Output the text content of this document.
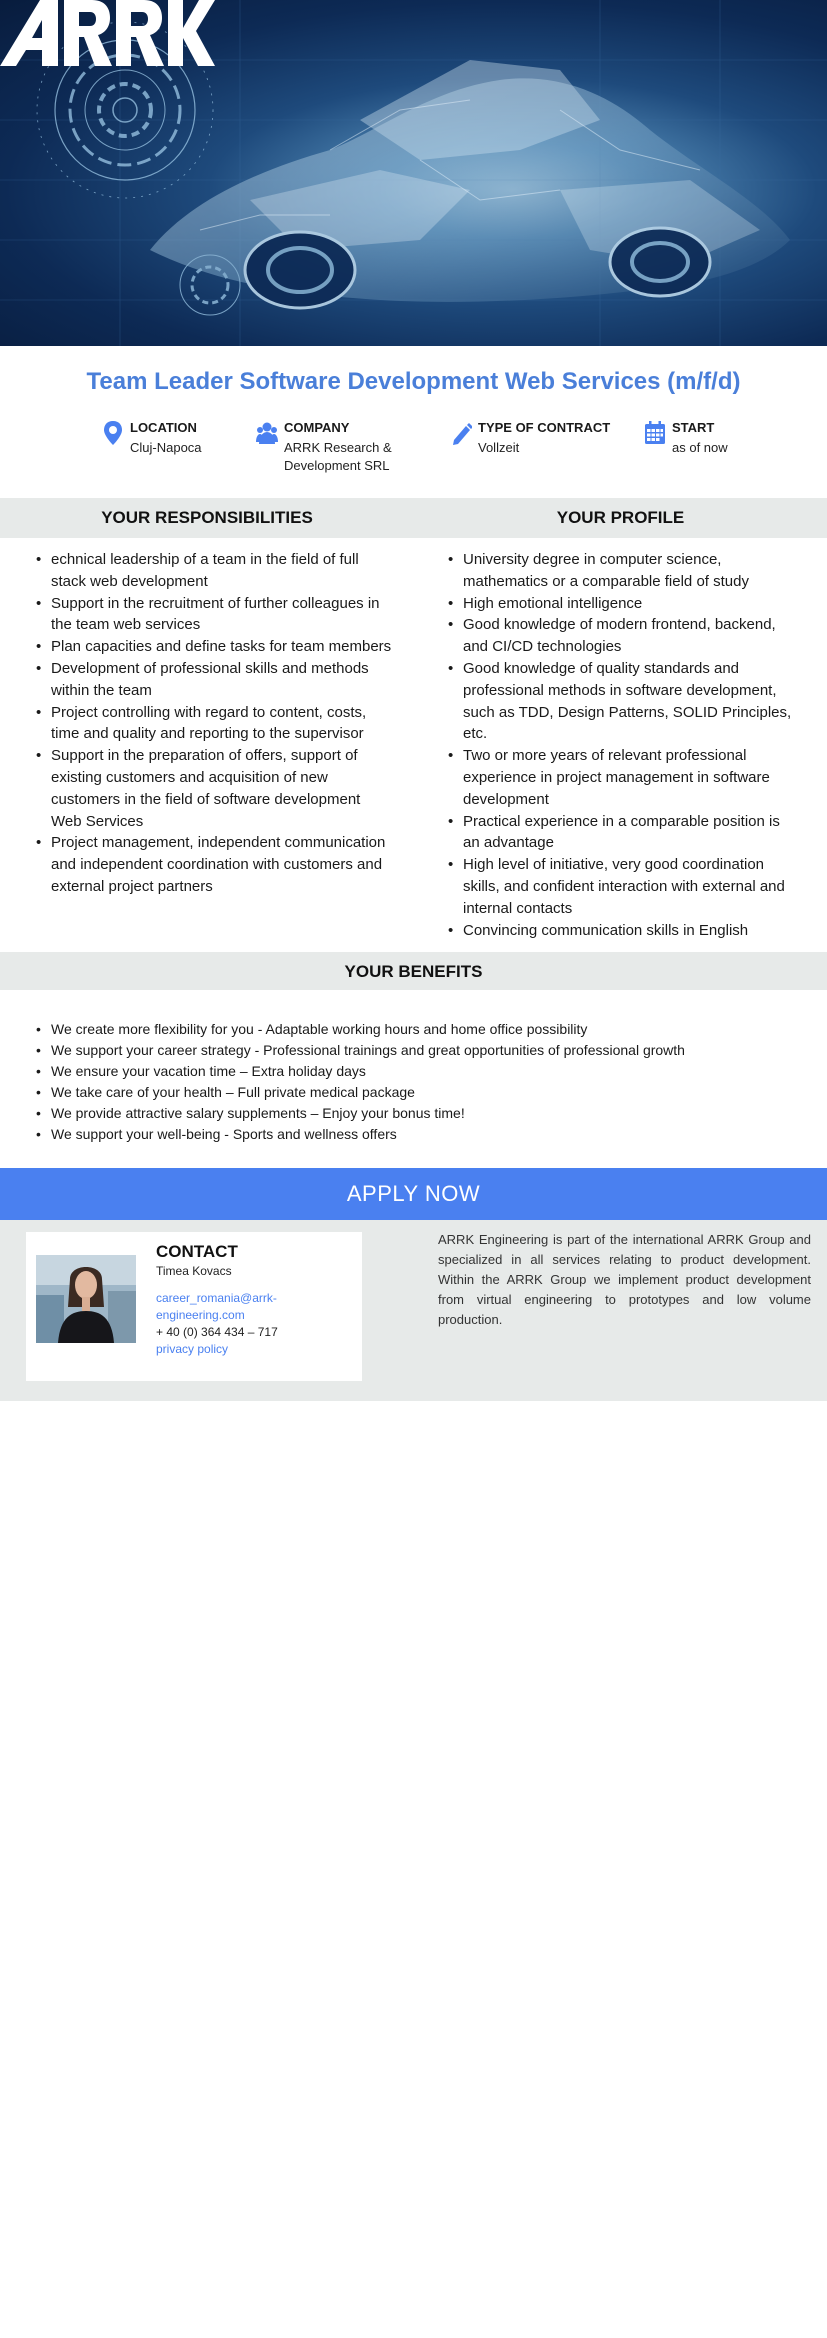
Team Leader Software Development Web Services (m/f/d)
LOCATION
Cluj-Napoca
COMPANY
ARRK Research &
Development SRL
TYPE OF CONTRACT
Vollzeit
START
as of now
YOUR RESPONSIBILITIES	YOUR PROFILE
• echnical leadership of a team in the field of full
stack web development
• Support in the recruitment of further colleagues in
the team web services
• Plan capacities and define tasks for team members
• Development of professional skills and methods
within the team
• Project controlling with regard to content, costs,
time and quality and reporting to the supervisor
• Support in the preparation of offers, support of
existing customers and acquisition of new
customers in the field of software development
Web Services
• Project management, independent communication
and independent coordination with customers and
external project partners
• University degree in computer science,
mathematics or a comparable field of study
• High emotional intelligence
• Good knowledge of modern frontend, backend,
and CI/CD technologies
• Good knowledge of quality standards and
professional methods in software development,
such as TDD, Design Patterns, SOLID Principles,
etc.
• Two or more years of relevant professional
experience in project management in software
development
• Practical experience in a comparable position is
an advantage
• High level of initiative, very good coordination
skills, and confident interaction with external and
internal contacts
• Convincing communication skills in English
YOUR BENEFITS
• We create more flexibility for you - Adaptable working hours and home office possibility
• We support your career strategy - Professional trainings and great opportunities of professional growth
• We ensure your vacation time – Extra holiday days
• We take care of your health – Full private medical package
• We provide attractive salary supplements – Enjoy your bonus time!
• We support your well-being - Sports and wellness offers
APPLY NOW
CONTACT
Timea Kovacs
career_romania@arrk-
engineering.com
+ 40 (0) 364 434 – 717
privacy policy
ARRK Engineering is part of the international ARRK Group and specialized in all services relating to product development. Within the ARRK Group we implement product development from virtual engineering to prototypes and low volume production.
